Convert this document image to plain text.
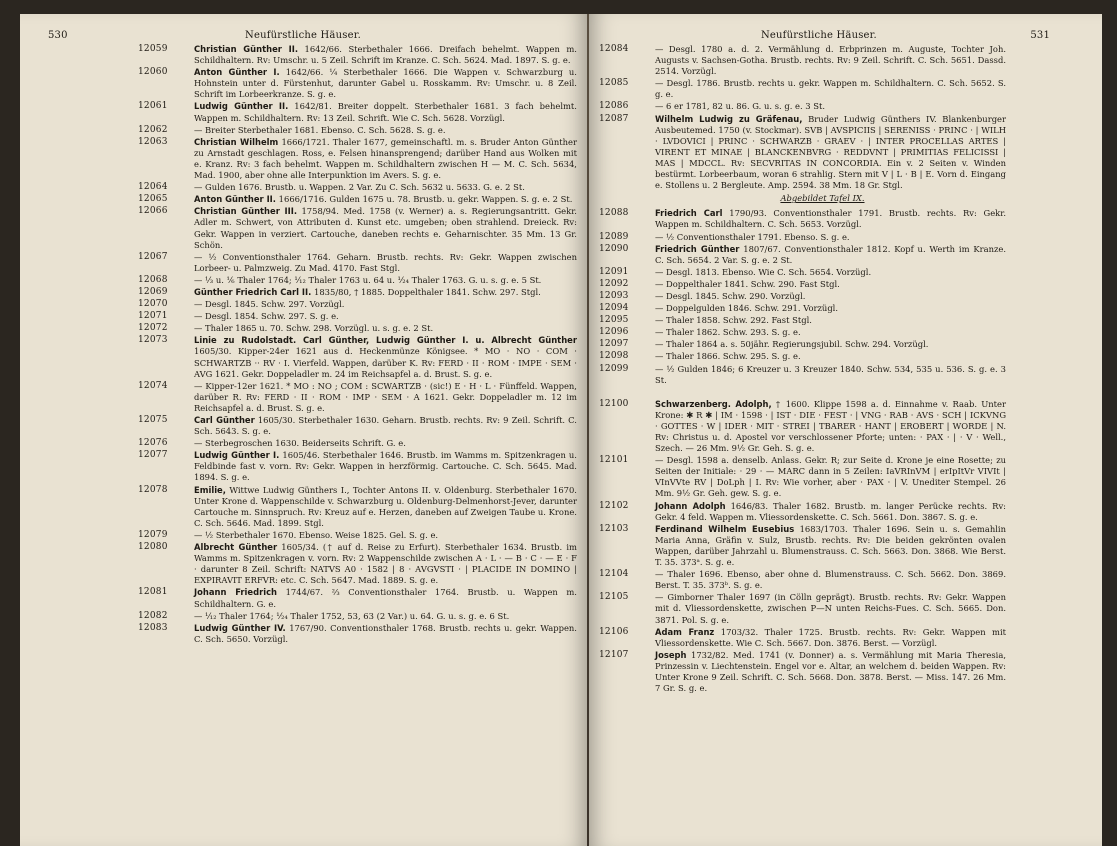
530	Neufürstliche Häuser.
12059	Christian Günther II. 1642/66. Sterbethaler 1666. Dreifach behelmt. Wappen m. Schildhaltern. Rv: Umschr. u. 5 Zeil. Schrift im Kranze. C. Sch. 5624. Mad. 1897. S. g. e.
12060	Anton Günther I. 1642/66. ¼ Sterbethaler 1666. Die Wappen v. Schwarzburg u. Hohnstein unter d. Fürstenhut, darunter Gabel u. Rosskamm. Rv: Umschr. u. 8 Zeil. Schrift im Lorbeerkranze. S. g. e.
12061	Ludwig Günther II. 1642/81. Breiter doppelt. Sterbethaler 1681. 3 fach behelmt. Wappen m. Schildhaltern. Rv: 13 Zeil. Schrift. Wie C. Sch. 5628. Vorzügl.
12062	— Breiter Sterbethaler 1681. Ebenso. C. Sch. 5628. S. g. e.
12063	Christian Wilhelm 1666/1721. Thaler 1677, gemeinschaftl. m. s. Bruder Anton Günther zu Arnstadt geschlagen. Ross, e. Felsen hinansprengend; darüber Hand aus Wolken mit e. Kranz. Rv: 3 fach behelmt. Wappen m. Schildhaltern zwischen H — M. C. Sch. 5634, Mad. 1900, aber ohne alle Interpunktion im Avers. S. g. e.
12064	— Gulden 1676. Brustb. u. Wappen. 2 Var. Zu C. Sch. 5632 u. 5633. G. e. 2 St.
12065	Anton Günther II. 1666/1716. Gulden 1675 u. 78. Brustb. u. gekr. Wappen. S. g. e. 2 St.
12066	Christian Günther III. 1758/94. Med. 1758 (v. Werner) a. s. Regierungsantritt. Gekr. Adler m. Schwert, von Attributen d. Kunst etc. umgeben; oben strahlend. Dreieck. Rv: Gekr. Wappen in verziert. Cartouche, daneben rechts e. Geharnischter. 35 Mm. 13 Gr. Schön.
12067	— ½ Conventionsthaler 1764. Geharn. Brustb. rechts. Rv: Gekr. Wappen zwischen Lorbeer- u. Palmzweig. Zu Mad. 4170. Fast Stgl.
12068	— ⅓ u. ⅙ Thaler 1764; ¹⁄₁₂ Thaler 1763 u. 64 u. ¹⁄₂₄ Thaler 1763. G. u. s. g. e. 5 St.
12069	Günther Friedrich Carl II. 1835/80, † 1885. Doppelthaler 1841. Schw. 297. Stgl.
12070	— Desgl. 1845. Schw. 297. Vorzügl.
12071	— Desgl. 1854. Schw. 297. S. g. e.
12072	— Thaler 1865 u. 70. Schw. 298. Vorzügl. u. s. g. e. 2 St.
12073	Linie zu Rudolstadt. Carl Günther, Ludwig Günther I. u. Albrecht Günther 1605/30. Kipper-24er 1621 aus d. Heckenmünze Königsee. * MO · NO · COM · SCHWARTZB ·· RV · I. Vierfeld. Wappen, darüber K. Rv: FERD · II · ROM · IMPE · SEM · AVG 1621. Gekr. Doppeladler m. 24 im Reichsapfel a. d. Brust. S. g. e.
12074	— Kipper-12er 1621. * MO : NO ; COM : SCWARTZB · (sic!) E · H · L · Fünffeld. Wappen, darüber R. Rv: FERD · II · ROM · IMP · SEM · A 1621. Gekr. Doppeladler m. 12 im Reichsapfel a. d. Brust. S. g. e.
12075	Carl Günther 1605/30. Sterbethaler 1630. Geharn. Brustb. rechts. Rv: 9 Zeil. Schrift. C. Sch. 5643. S. g. e.
12076	— Sterbegroschen 1630. Beiderseits Schrift. G. e.
12077	Ludwig Günther I. 1605/46. Sterbethaler 1646. Brustb. im Wamms m. Spitzenkragen u. Feldbinde fast v. vorn. Rv: Gekr. Wappen in herzförmig. Cartouche. C. Sch. 5645. Mad. 1894. S. g. e.
12078	Emilie, Wittwe Ludwig Günthers I., Tochter Antons II. v. Oldenburg. Sterbethaler 1670. Unter Krone d. Wappenschilde v. Schwarzburg u. Oldenburg-Delmenhorst-Jever, darunter Cartouche m. Sinnspruch. Rv: Kreuz auf e. Herzen, daneben auf Zweigen Taube u. Krone. C. Sch. 5646. Mad. 1899. Stgl.
12079	— ½ Sterbethaler 1670. Ebenso. Weise 1825. Gel. S. g. e.
12080	Albrecht Günther 1605/34. († auf d. Reise zu Erfurt). Sterbethaler 1634. Brustb. im Wamms m. Spitzenkragen v. vorn. Rv: 2 Wappenschilde zwischen A · L · — B · C · — E · F · darunter 8 Zeil. Schrift: NATVS A0 · 1582 | 8 · AVGVSTI · | PLACIDE IN DOMINO | EXPIRAVIT ERFVR: etc. C. Sch. 5647. Mad. 1889. S. g. e.
12081	Johann Friedrich 1744/67. ⅔ Conventionsthaler 1764. Brustb. u. Wappen m. Schildhaltern. G. e.
12082	— ¹⁄₁₂ Thaler 1764; ¹⁄₂₄ Thaler 1752, 53, 63 (2 Var.) u. 64. G. u. s. g. e. 6 St.
12083	Ludwig Günther IV. 1767/90. Conventionsthaler 1768. Brustb. rechts u. gekr. Wappen. C. Sch. 5650. Vorzügl.
Neufürstliche Häuser.	531
12084	— Desgl. 1780 a. d. 2. Vermählung d. Erbprinzen m. Auguste, Tochter Joh. Augusts v. Sachsen-Gotha. Brustb. rechts. Rv: 9 Zeil. Schrift. C. Sch. 5651. Dassd. 2514. Vorzügl.
12085	— Desgl. 1786. Brustb. rechts u. gekr. Wappen m. Schildhaltern. C. Sch. 5652. S. g. e.
12086	— 6 er 1781, 82 u. 86. G. u. s. g. e. 3 St.
12087	Wilhelm Ludwig zu Gräfenau, Bruder Ludwig Günthers IV. Blankenburger Ausbeutemed. 1750 (v. Stockmar). SVB | AVSPICIIS | SERENISS · PRINC · | WILH · LVDOVICI | PRINC · SCHWARZB · GRAEV · | INTER PROCELLAS ARTES | VIRENT ET MINAE | BLANCKENBVRG · REDDVNT | PRIMITIAS FELICISSI | MAS | MDCCL. Rv: SECVRITAS IN CONCORDIA. Ein v. 2 Seiten v. Winden bestürmt. Lorbeerbaum, woran 6 strahlig. Stern mit V | L · B | E. Vorn d. Eingang e. Stollens u. 2 Bergleute. Amp. 2594. 38 Mm. 18 Gr. Stgl.
Abgebildet Tafel IX.
12088	Friedrich Carl 1790/93. Conventionsthaler 1791. Brustb. rechts. Rv: Gekr. Wappen m. Schildhaltern. C. Sch. 5653. Vorzügl.
12089	— ½ Conventionsthaler 1791. Ebenso. S. g. e.
12090	Friedrich Günther 1807/67. Conventionsthaler 1812. Kopf u. Werth im Kranze. C. Sch. 5654. 2 Var. S. g. e. 2 St.
12091	— Desgl. 1813. Ebenso. Wie C. Sch. 5654. Vorzügl.
12092	— Doppelthaler 1841. Schw. 290. Fast Stgl.
12093	— Desgl. 1845. Schw. 290. Vorzügl.
12094	— Doppelgulden 1846. Schw. 291. Vorzügl.
12095	— Thaler 1858. Schw. 292. Fast Stgl.
12096	— Thaler 1862. Schw. 293. S. g. e.
12097	— Thaler 1864 a. s. 50jähr. Regierungsjubil. Schw. 294. Vorzügl.
12098	— Thaler 1866. Schw. 295. S. g. e.
12099	— ½ Gulden 1846; 6 Kreuzer u. 3 Kreuzer 1840. Schw. 534, 535 u. 536. S. g. e. 3 St.
12100	Schwarzenberg. Adolph, † 1600. Klippe 1598 a. d. Einnahme v. Raab. Unter Krone: ✱ R ✱ | IM · 1598 · | IST · DIE · FEST · | VNG · RAB · AVS · SCH | ICKVNG · GOTTES · W | IDER · MIT · STREI | TBARER · HANT | EROBERT | WORDE | N. Rv: Christus u. d. Apostel vor verschlossener Pforte; unten: · PAX · | · V · Well., Szech. — 26 Mm. 9½ Gr. Geh. S. g. e.
12101	— Desgl. 1598 a. denselb. Anlass. Gekr. R; zur Seite d. Krone je eine Rosette; zu Seiten der Initiale: · 29 · — MARC dann in 5 Zeilen: IaVRInVM | erIpItVr VIVIt | VInVVte RV | DoLph | I. Rv: Wie vorher, aber · PAX · | V. Unediter Stempel. 26 Mm. 9½ Gr. Geh. gew. S. g. e.
12102	Johann Adolph 1646/83. Thaler 1682. Brustb. m. langer Perücke rechts. Rv: Gekr. 4 feld. Wappen m. Vliessordenskette. C. Sch. 5661. Don. 3867. S. g. e.
12103	Ferdinand Wilhelm Eusebius 1683/1703. Thaler 1696. Sein u. s. Gemahlin Maria Anna, Gräfin v. Sulz, Brustb. rechts. Rv: Die beiden gekrönten ovalen Wappen, darüber Jahrzahl u. Blumenstrauss. C. Sch. 5663. Don. 3868. Wie Berst. T. 35. 373ᵃ. S. g. e.
12104	— Thaler 1696. Ebenso, aber ohne d. Blumenstrauss. C. Sch. 5662. Don. 3869. Berst. T. 35. 373ᵇ. S. g. e.
12105	— Gimborner Thaler 1697 (in Cölln geprägt). Brustb. rechts. Rv: Gekr. Wappen mit d. Vliessordenskette, zwischen P—N unten Reichs-Fues. C. Sch. 5665. Don. 3871. Pol. S. g. e.
12106	Adam Franz 1703/32. Thaler 1725. Brustb. rechts. Rv: Gekr. Wappen mit Vliessordenskette. Wie C. Sch. 5667. Don. 3876. Berst. — Vorzügl.
12107	Joseph 1732/82. Med. 1741 (v. Donner) a. s. Vermählung mit Maria Theresia, Prinzessin v. Liechtenstein. Engel vor e. Altar, an welchem d. beiden Wappen. Rv: Unter Krone 9 Zeil. Schrift. C. Sch. 5668. Don. 3878. Berst. — Miss. 147. 26 Mm. 7 Gr. S. g. e.
